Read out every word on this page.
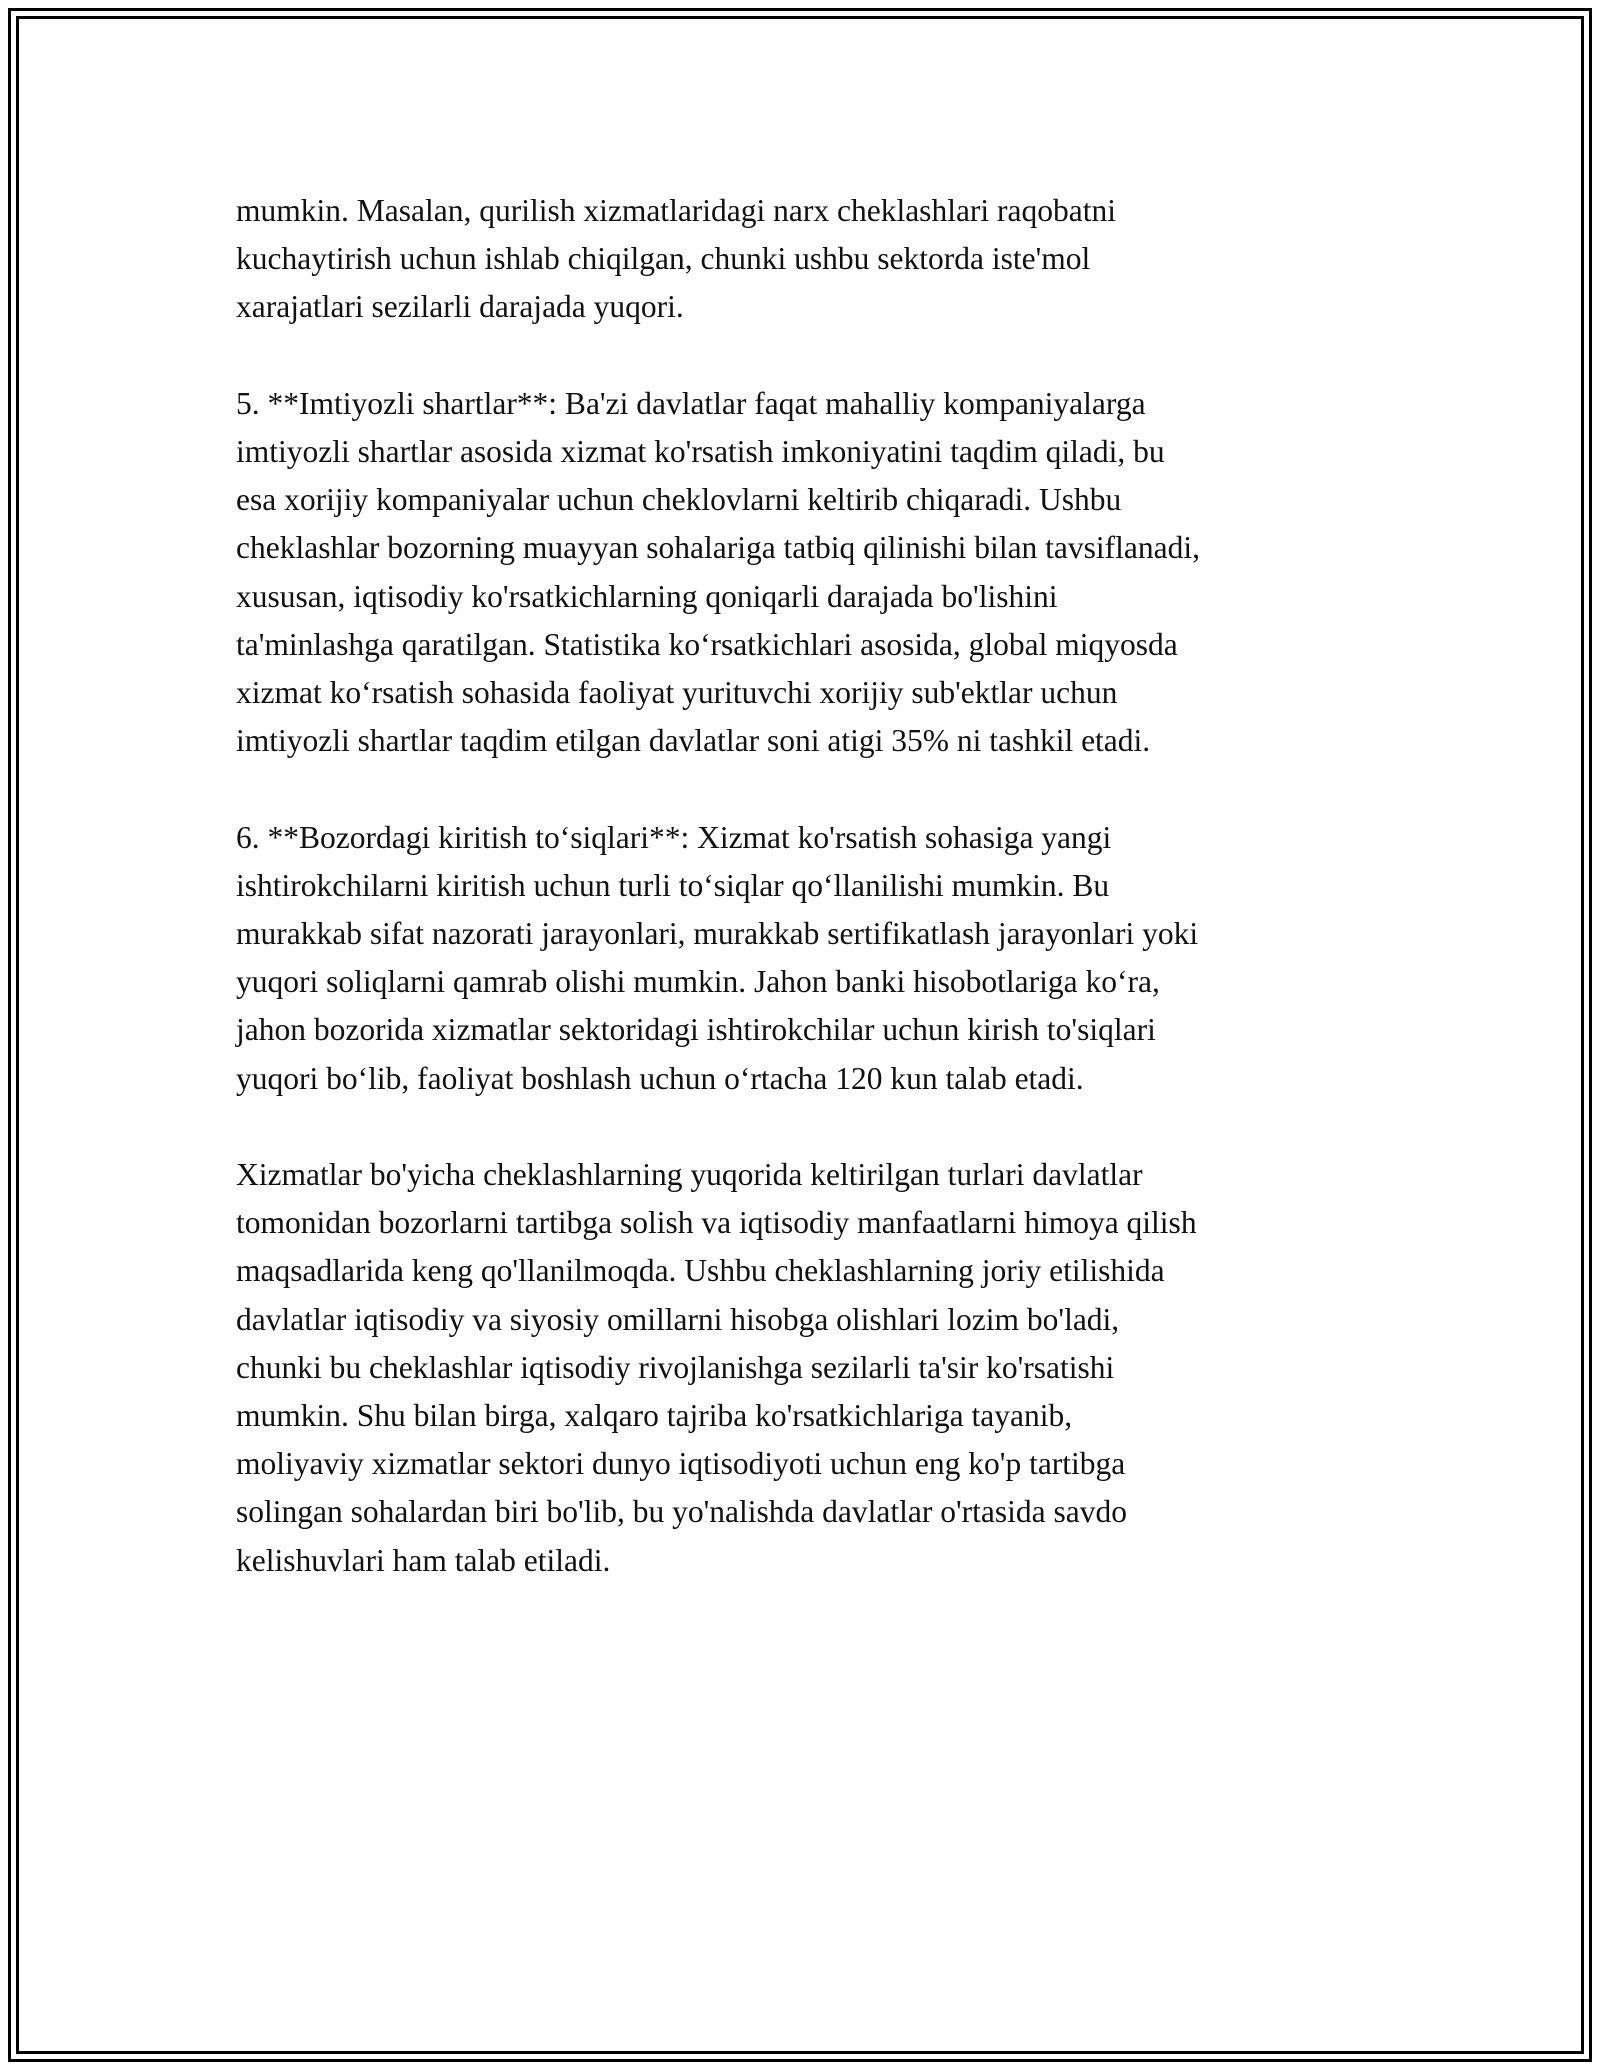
mumkin. Masalan, qurilish xizmatlaridagi narx cheklashlari raqobatni
kuchaytirish uchun ishlab chiqilgan, chunki ushbu sektorda iste'mol
xarajatlari sezilarli darajada yuqori.
5. **Imtiyozli shartlar**: Ba'zi davlatlar faqat mahalliy kompaniyalarga
imtiyozli shartlar asosida xizmat ko'rsatish imkoniyatini taqdim qiladi, bu
esa xorijiy kompaniyalar uchun cheklovlarni keltirib chiqaradi. Ushbu
cheklashlar bozorning muayyan sohalariga tatbiq qilinishi bilan tavsiflanadi,
xususan, iqtisodiy ko'rsatkichlarning qoniqarli darajada bo'lishini
ta'minlashga qaratilgan. Statistika ko‘rsatkichlari asosida, global miqyosda
xizmat ko‘rsatish sohasida faoliyat yurituvchi xorijiy sub'ektlar uchun
imtiyozli shartlar taqdim etilgan davlatlar soni atigi 35% ni tashkil etadi.
6. **Bozordagi kiritish to‘siqlari**: Xizmat ko'rsatish sohasiga yangi
ishtirokchilarni kiritish uchun turli to‘siqlar qo‘llanilishi mumkin. Bu
murakkab sifat nazorati jarayonlari, murakkab sertifikatlash jarayonlari yoki
yuqori soliqlarni qamrab olishi mumkin. Jahon banki hisobotlariga ko‘ra,
jahon bozorida xizmatlar sektoridagi ishtirokchilar uchun kirish to'siqlari
yuqori bo‘lib, faoliyat boshlash uchun o‘rtacha 120 kun talab etadi.
Xizmatlar bo'yicha cheklashlarning yuqorida keltirilgan turlari davlatlar
tomonidan bozorlarni tartibga solish va iqtisodiy manfaatlarni himoya qilish
maqsadlarida keng qo'llanilmoqda. Ushbu cheklashlarning joriy etilishida
davlatlar iqtisodiy va siyosiy omillarni hisobga olishlari lozim bo'ladi,
chunki bu cheklashlar iqtisodiy rivojlanishga sezilarli ta'sir ko'rsatishi
mumkin. Shu bilan birga, xalqaro tajriba ko'rsatkichlariga tayanib,
moliyaviy xizmatlar sektori dunyo iqtisodiyoti uchun eng ko'p tartibga
solingan sohalardan biri bo'lib, bu yo'nalishda davlatlar o'rtasida savdo
kelishuvlari ham talab etiladi.
